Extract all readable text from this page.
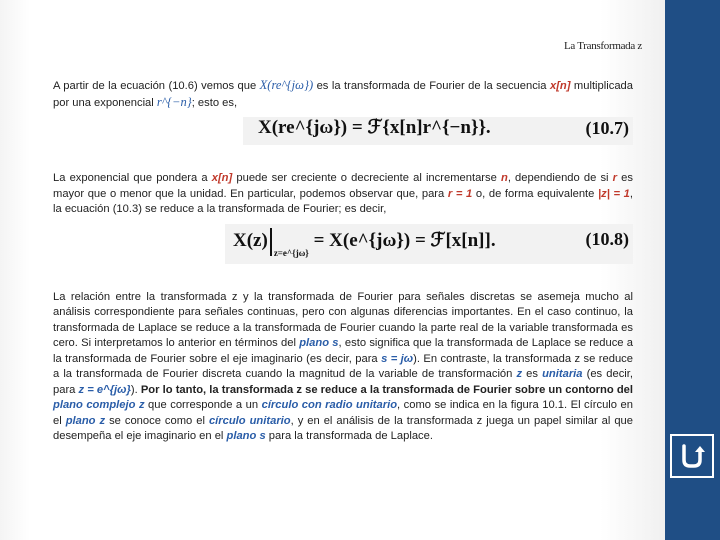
La Transformada z

A partir de la ecuación (10.6) vemos que X(re^{jω}) es la transformada de Fourier de la secuencia x[n] multiplicada por una exponencial r^{−n}; esto es,

X(re^{jω}) = ℱ{x[n]r^{−n}}.	(10.7)

La exponencial que pondera a x[n] puede ser creciente o decreciente al incrementarse n, dependiendo de si r es mayor que o menor que la unidad. En particular, podemos observar que, para r = 1 o, de forma equivalente |z| = 1, la ecuación (10.3) se reduce a la transformada de Fourier; es decir,

$X(z)_{z=e\^{}\{j\omega\}}$ = X(e^{jω}) = ℱ[x[n]].	(10.8)

La relación entre la transformada z y la transformada de Fourier para señales discretas se asemeja mucho al análisis correspondiente para señales continuas, pero con algunas diferencias importantes. En el caso continuo, la transformada de Laplace se reduce a la transformada de Fourier cuando la parte real de la variable transformada es cero. Si interpretamos lo anterior en términos del plano s, esto significa que la transformada de Laplace se reduce a la transformada de Fourier sobre el eje imaginario (es decir, para s = jω). En contraste, la transformada z se reduce a la transformada de Fourier discreta cuando la magnitud de la variable de transformación z es unitaria (es decir, para z = e^{jω}). Por lo tanto, la transformada z se reduce a la transformada de Fourier sobre un contorno del plano complejo z que corresponde a un círculo con radio unitario, como se indica en la figura 10.1. El círculo en el plano z se conoce como el círculo unitario, y en el análisis de la transformada z juega un papel similar al que desempeña el eje imaginario en el plano s para la transformada de Laplace.
